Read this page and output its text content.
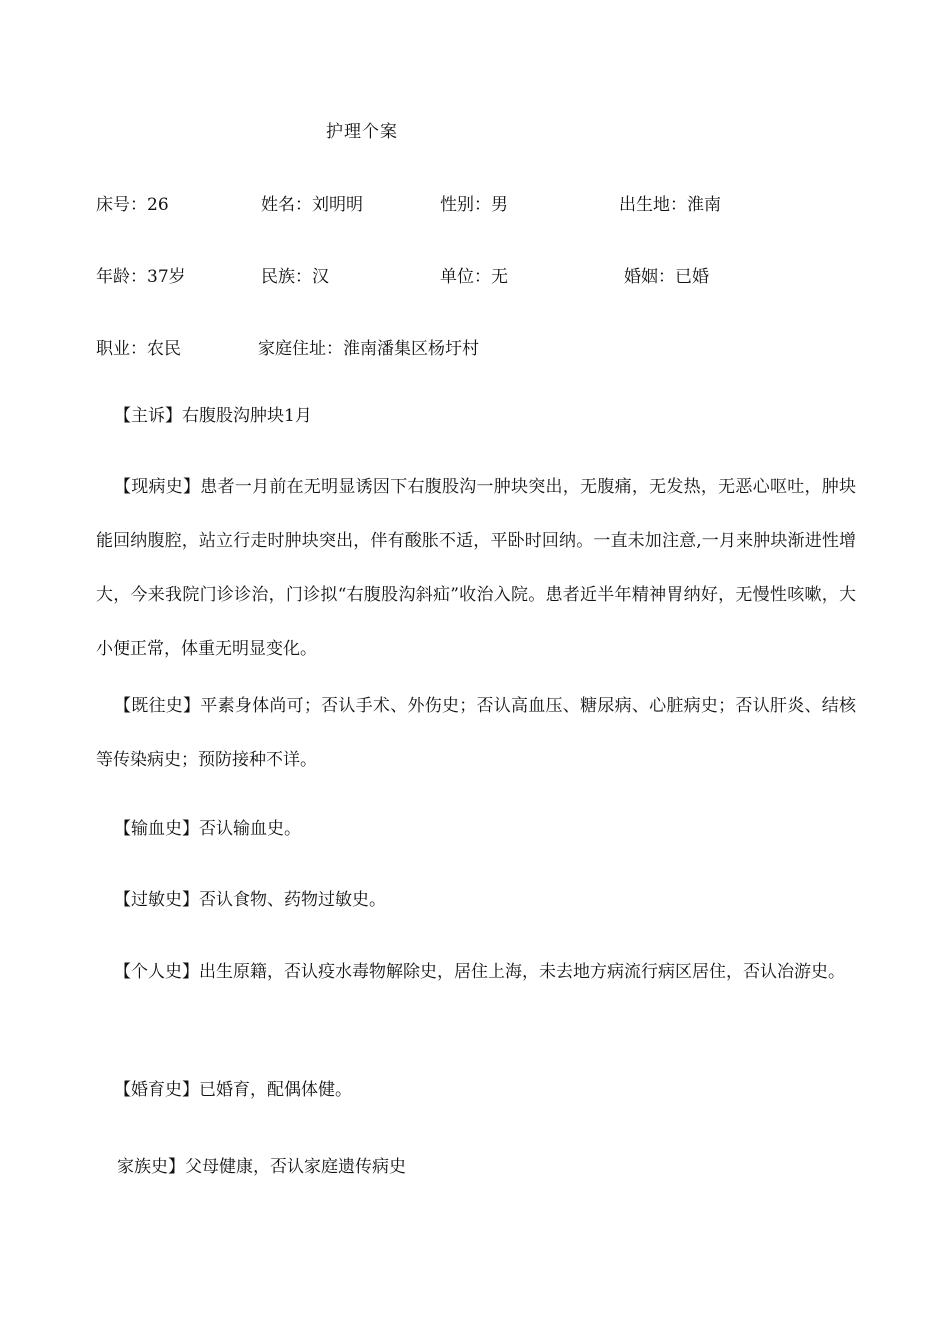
护理个案
床号：26	姓名：刘明明	性别：男	出生地：淮南
年龄：37岁	民族：汉	单位：无	婚姻：已婚
职业：农民	家庭住址：淮南潘集区杨圩村
【主诉】右腹股沟肿块1月
【现病史】患者一月前在无明显诱因下右腹股沟一肿块突出，无腹痛，无发热，无恶心呕吐，肿块能回纳腹腔，站立行走时肿块突出，伴有酸胀不适，平卧时回纳。一直未加注意,一月来肿块渐进性增大，今来我院门诊诊治，门诊拟“右腹股沟斜疝”收治入院。患者近半年精神胃纳好，无慢性咳嗽，大小便正常，体重无明显变化。
【既往史】平素身体尚可；否认手术、外伤史；否认高血压、糖尿病、心脏病史；否认肝炎、结核等传染病史；预防接种不详。
【输血史】否认输血史。
【过敏史】否认食物、药物过敏史。
【个人史】出生原籍，否认疫水毒物解除史，居住上海，未去地方病流行病区居住，否认冶游史。
【婚育史】已婚育，配偶体健。
家族史】父母健康，否认家庭遗传病史
